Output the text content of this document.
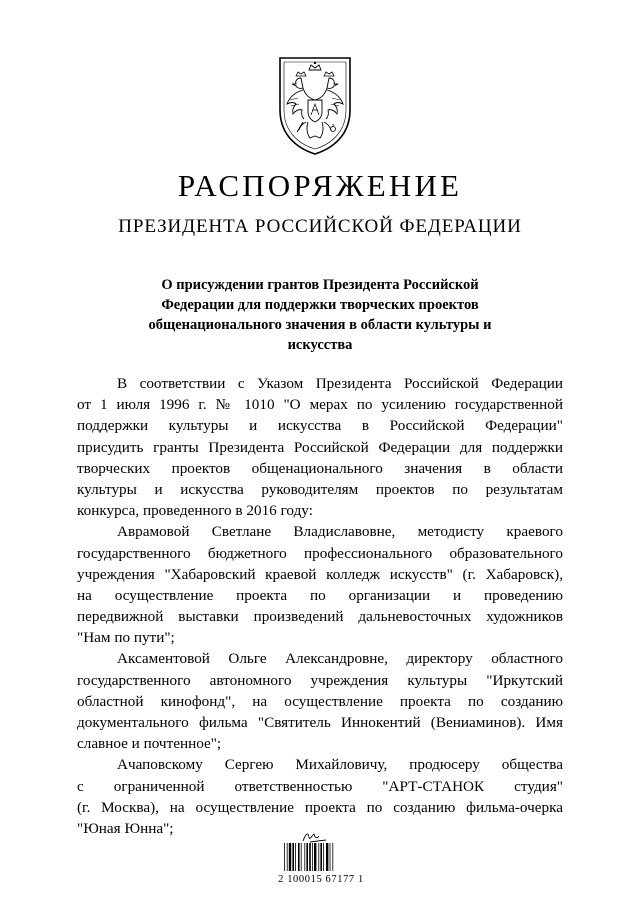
РАСПОРЯЖЕНИЕ
ПРЕЗИДЕНТА РОССИЙСКОЙ ФЕДЕРАЦИИ
О присуждении грантов Президента Российской
Федерации для поддержки творческих проектов
общенационального значения в области культуры и
искусства
В соответствии с Указом Президента Российской Федерации
от 1 июля 1996 г. № 1010 "О мерах по усилению государственной
поддержки культуры и искусства в Российской Федерации"
присудить гранты Президента Российской Федерации для поддержки
творческих проектов общенационального значения в области
культуры и искусства руководителям проектов по результатам
конкурса, проведенного в 2016 году:
Аврамовой Светлане Владиславовне, методисту краевого
государственного бюджетного профессионального образовательного
учреждения "Хабаровский краевой колледж искусств" (г. Хабаровск),
на осуществление проекта по организации и проведению
передвижной выставки произведений дальневосточных художников
"Нам по пути";
Аксаментовой Ольге Александровне, директору областного
государственного автономного учреждения культуры "Иркутский
областной кинофонд", на осуществление проекта по созданию
документального фильма "Святитель Иннокентий (Вениаминов). Имя
славное и почтенное";
Ачаповскому Сергею Михайловичу, продюсеру общества
с ограниченной ответственностью "АРТ-СТАНОК студия"
(г. Москва), на осуществление проекта по созданию фильма-очерка
"Юная Юнна";
2 100015 67177 1
